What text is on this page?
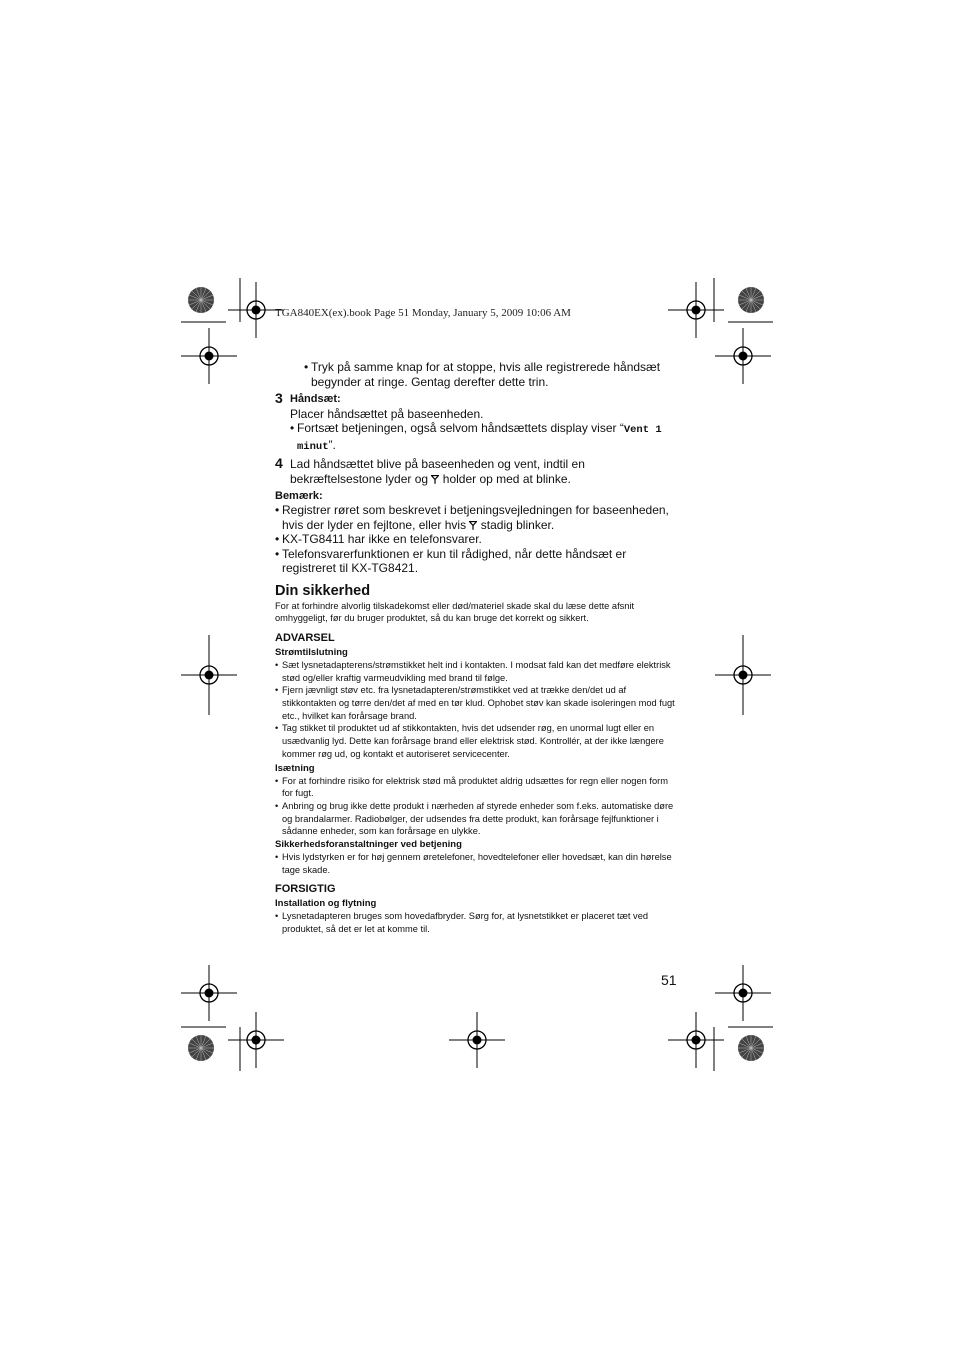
TGA840EX(ex).book Page 51 Monday, January 5, 2009 10:06 AM
• Tryk på samme knap for at stoppe, hvis alle registrerede håndsæt begynder at ringe. Gentag derefter dette trin.
3 Håndsæt:
Placer håndsættet på baseenheden.
• Fortsæt betjeningen, også selvom håndsættets display viser “Vent 1 minut”.
4 Lad håndsættet blive på baseenheden og vent, indtil en bekræftelsestone lyder og holder op med at blinke.
Bemærk:
• Registrer røret som beskrevet i betjeningsvejledningen for baseenheden, hvis der lyder en fejltone, eller hvis stadig blinker.
• KX-TG8411 har ikke en telefonsvarer.
• Telefonsvarerfunktionen er kun til rådighed, når dette håndsæt er registreret til KX-TG8421.
Din sikkerhed
For at forhindre alvorlig tilskadekomst eller død/materiel skade skal du læse dette afsnit omhyggeligt, før du bruger produktet, så du kan bruge det korrekt og sikkert.
ADVARSEL
Strømtilslutning
• Sæt lysnetadapterens/strømstikket helt ind i kontakten. I modsat fald kan det medføre elektrisk stød og/eller kraftig varmeudvikling med brand til følge.
• Fjern jævnligt støv etc. fra lysnetadapteren/strømstikket ved at trække den/det ud af stikkontakten og tørre den/det af med en tør klud. Ophobet støv kan skade isoleringen mod fugt etc., hvilket kan forårsage brand.
• Tag stikket til produktet ud af stikkontakten, hvis det udsender røg, en unormal lugt eller en usædvanlig lyd. Dette kan forårsage brand eller elektrisk stød. Kontrollér, at der ikke længere kommer røg ud, og kontakt et autoriseret servicecenter.
Isætning
• For at forhindre risiko for elektrisk stød må produktet aldrig udsættes for regn eller nogen form for fugt.
• Anbring og brug ikke dette produkt i nærheden af styrede enheder som f.eks. automatiske døre og brandalarmer. Radiobølger, der udsendes fra dette produkt, kan forårsage fejlfunktioner i sådanne enheder, som kan forårsage en ulykke.
Sikkerhedsforanstaltninger ved betjening
• Hvis lydstyrken er for høj gennem øretelefoner, hovedtelefoner eller hovedsæt, kan din hørelse tage skade.
FORSIGTIG
Installation og flytning
• Lysnetadapteren bruges som hovedafbryder. Sørg for, at lysnetstikket er placeret tæt ved produktet, så det er let at komme til.
51
